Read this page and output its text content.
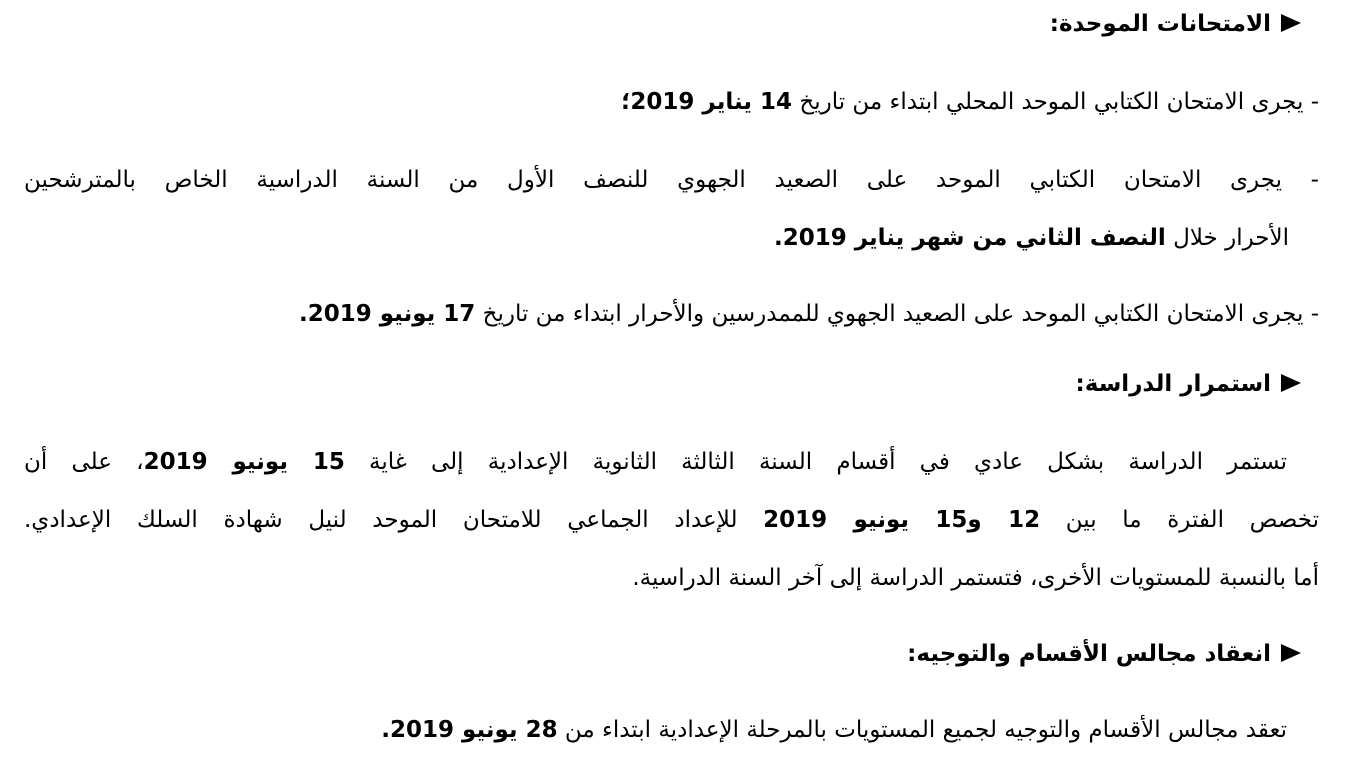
الامتحانات الموحدة:
- يجرى الامتحان الكتابي الموحد المحلي ابتداء من تاريخ 14 يناير 2019؛
- يجرى الامتحان الكتابي الموحد على الصعيد الجهوي للنصف الأول من السنة الدراسية الخاص بالمترشحين
الأحرار خلال النصف الثاني من شهر يناير 2019.
- يجرى الامتحان الكتابي الموحد على الصعيد الجهوي للممدرسين والأحرار ابتداء من تاريخ 17 يونيو 2019.
استمرار الدراسة:
تستمر الدراسة بشكل عادي في أقسام السنة الثالثة الثانوية الإعدادية إلى غاية 15 يونيو 2019، على أن
تخصص الفترة ما بين 12 و15 يونيو 2019 للإعداد الجماعي للامتحان الموحد لنيل شهادة السلك الإعدادي.
أما بالنسبة للمستويات الأخرى، فتستمر الدراسة إلى آخر السنة الدراسية.
انعقاد مجالس الأقسام والتوجيه:
تعقد مجالس الأقسام والتوجيه لجميع المستويات بالمرحلة الإعدادية ابتداء من 28 يونيو 2019.
